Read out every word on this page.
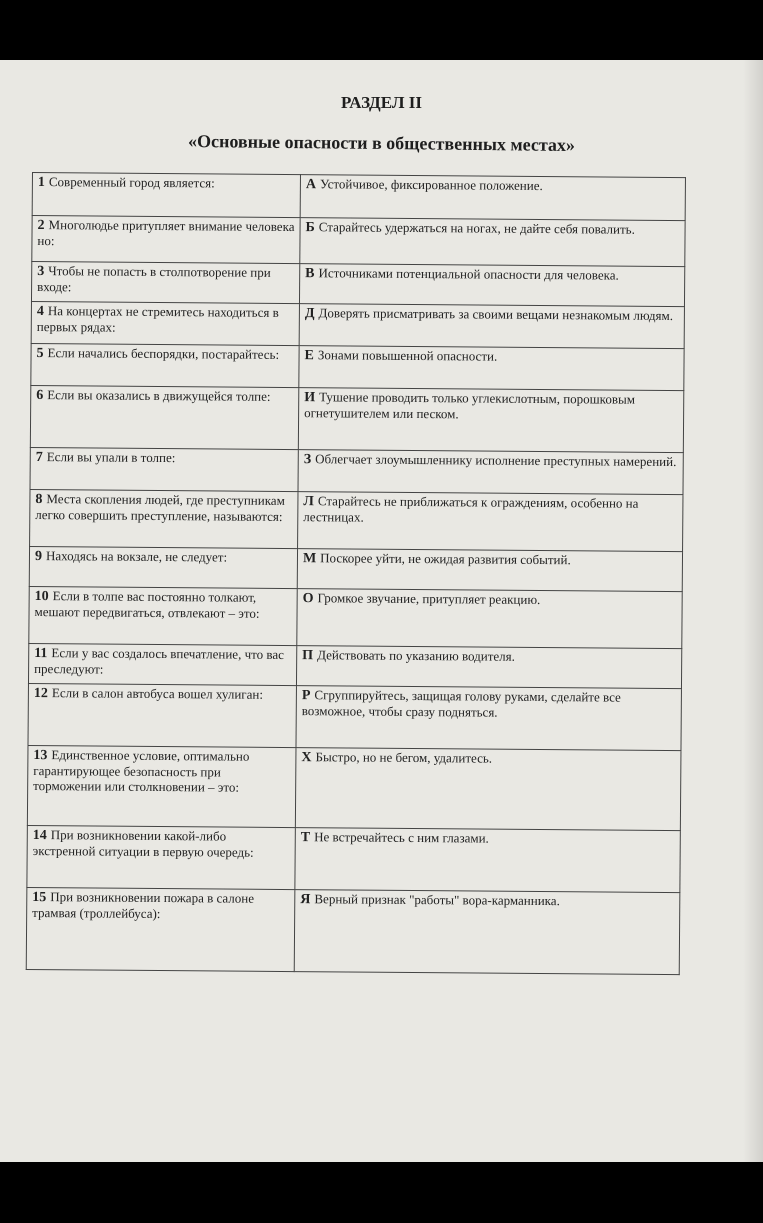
РАЗДЕЛ II
«Основные опасности в общественных местах»
1 Современный город является:	А Устойчивое, фиксированное положение.
2 Многолюдье притупляет внимание человека но:	Б Старайтесь удержаться на ногах, не дайте себя повалить.
3 Чтобы не попасть в столпотворение при входе:	В Источниками потенциальной опасности для человека.
4 На концертах не стремитесь находиться в первых рядах:	Д Доверять присматривать за своими вещами незнакомым людям.
5 Если начались беспорядки, постарайтесь:	Е Зонами повышенной опасности.
6 Если вы оказались в движущейся толпе:	И Тушение проводить только углекислотным, порошковым огнетушителем или песком.
7 Если вы упали в толпе:	З Облегчает злоумышленнику исполнение преступных намерений.
8 Места скопления людей, где преступникам легко совершить преступление, называются:	Л Старайтесь не приближаться к ограждениям, особенно на лестницах.
9 Находясь на вокзале, не следует:	М Поскорее уйти, не ожидая развития событий.
10 Если в толпе вас постоянно толкают, мешают передвигаться, отвлекают – это:	О Громкое звучание, притупляет реакцию.
11 Если у вас создалось впечатление, что вас преследуют:	П Действовать по указанию водителя.
12 Если в салон автобуса вошел хулиган:	Р Сгруппируйтесь, защищая голову руками, сделайте все возможное, чтобы сразу подняться.
13 Единственное условие, оптимально гарантирующее безопасность при торможении или столкновении – это:	Х Быстро, но не бегом, удалитесь.
14 При возникновении какой-либо экстренной ситуации в первую очередь:	Т Не встречайтесь с ним глазами.
15 При возникновении пожара в салоне трамвая (троллейбуса):	Я Верный признак "работы" вора-карманника.
